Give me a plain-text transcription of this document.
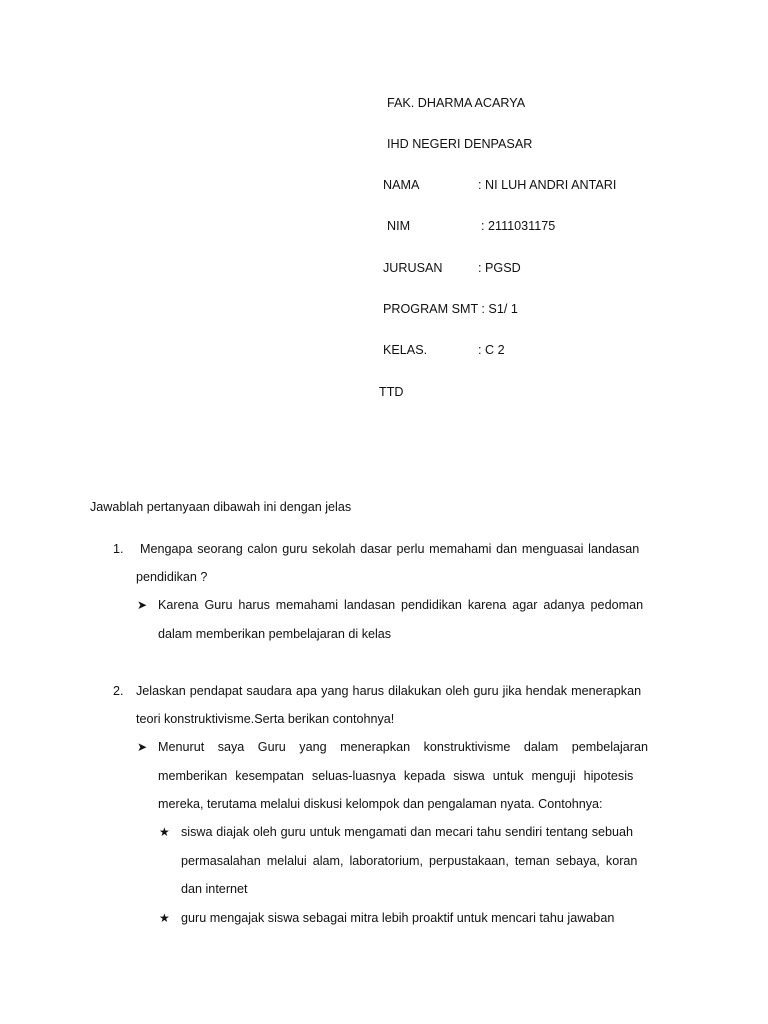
FAK. DHARMA ACARYA
IHD NEGERI DENPASAR
NAMA	: NI LUH ANDRI ANTARI
NIM	: 2111031175
JURUSAN	: PGSD
PROGRAM SMT : S1/ 1
KELAS.	: C 2
TTD
Jawablah pertanyaan dibawah ini dengan jelas
1. Mengapa seorang calon guru sekolah dasar perlu memahami dan menguasai landasan
pendidikan ?
➤ Karena Guru harus memahami landasan pendidikan karena agar adanya pedoman
dalam memberikan pembelajaran di kelas
2. Jelaskan pendapat saudara apa yang harus dilakukan oleh guru jika hendak menerapkan
teori konstruktivisme.Serta berikan contohnya!
➤ Menurut saya Guru yang menerapkan konstruktivisme dalam pembelajaran
memberikan kesempatan seluas-luasnya kepada siswa untuk menguji hipotesis
mereka, terutama melalui diskusi kelompok dan pengalaman nyata. Contohnya:
★ siswa diajak oleh guru untuk mengamati dan mecari tahu sendiri tentang sebuah
permasalahan melalui alam, laboratorium, perpustakaan, teman sebaya, koran
dan internet
★ guru mengajak siswa sebagai mitra lebih proaktif untuk mencari tahu jawaban
